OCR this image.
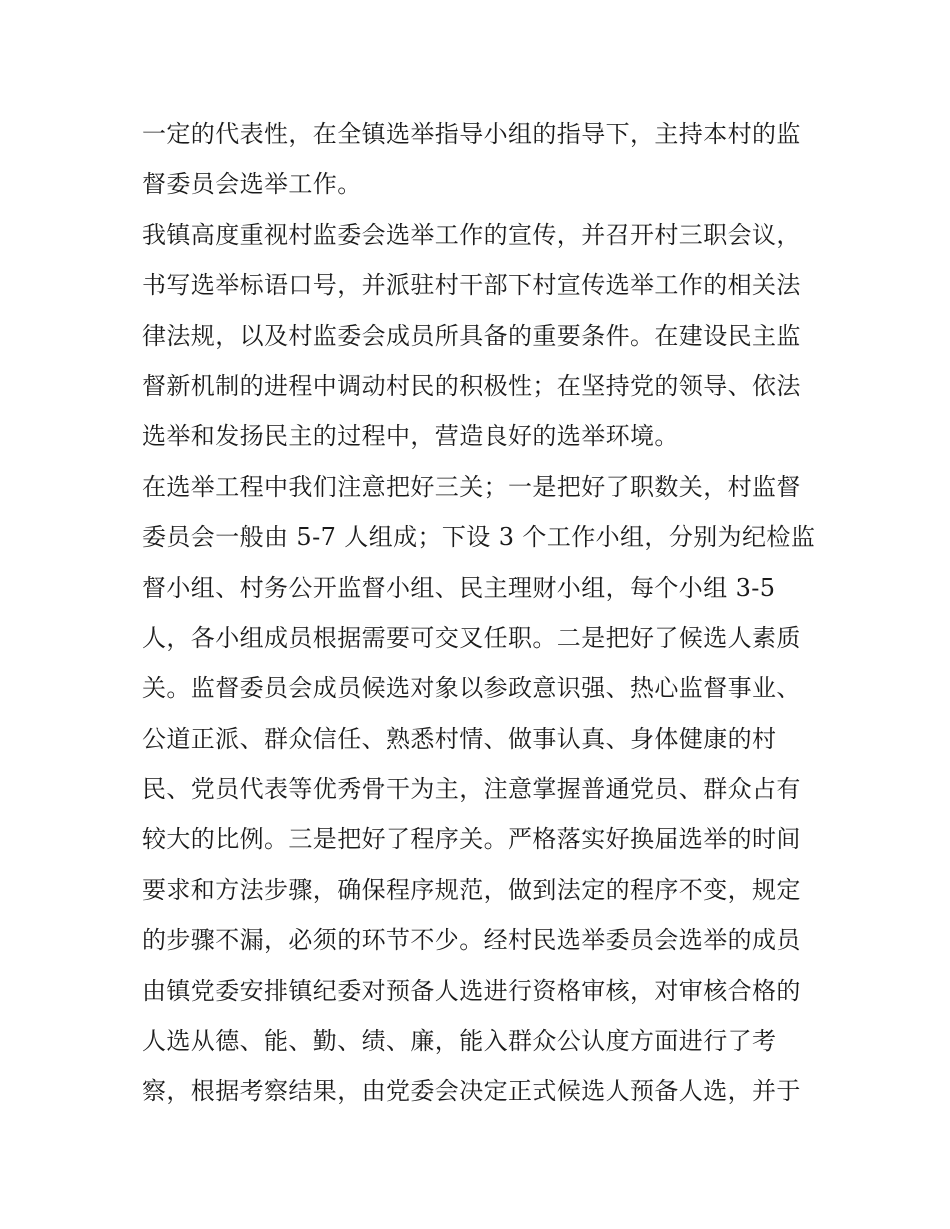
一定的代表性，在全镇选举指导小组的指导下，主持本村的监
督委员会选举工作。
我镇高度重视村监委会选举工作的宣传，并召开村三职会议，
书写选举标语口号，并派驻村干部下村宣传选举工作的相关法
律法规，以及村监委会成员所具备的重要条件。在建设民主监
督新机制的进程中调动村民的积极性；在坚持党的领导、依法
选举和发扬民主的过程中，营造良好的选举环境。
在选举工程中我们注意把好三关；一是把好了职数关，村监督
委员会一般由 5-7 人组成；下设 3 个工作小组，分别为纪检监
督小组、村务公开监督小组、民主理财小组，每个小组 3-5
人，各小组成员根据需要可交叉任职。二是把好了候选人素质
关。监督委员会成员候选对象以参政意识强、热心监督事业、
公道正派、群众信任、熟悉村情、做事认真、身体健康的村
民、党员代表等优秀骨干为主，注意掌握普通党员、群众占有
较大的比例。三是把好了程序关。严格落实好换届选举的时间
要求和方法步骤，确保程序规范，做到法定的程序不变，规定
的步骤不漏，必须的环节不少。经村民选举委员会选举的成员
由镇党委安排镇纪委对预备人选进行资格审核，对审核合格的
人选从德、能、勤、绩、廉，能入群众公认度方面进行了考
察，根据考察结果，由党委会决定正式候选人预备人选，并于
